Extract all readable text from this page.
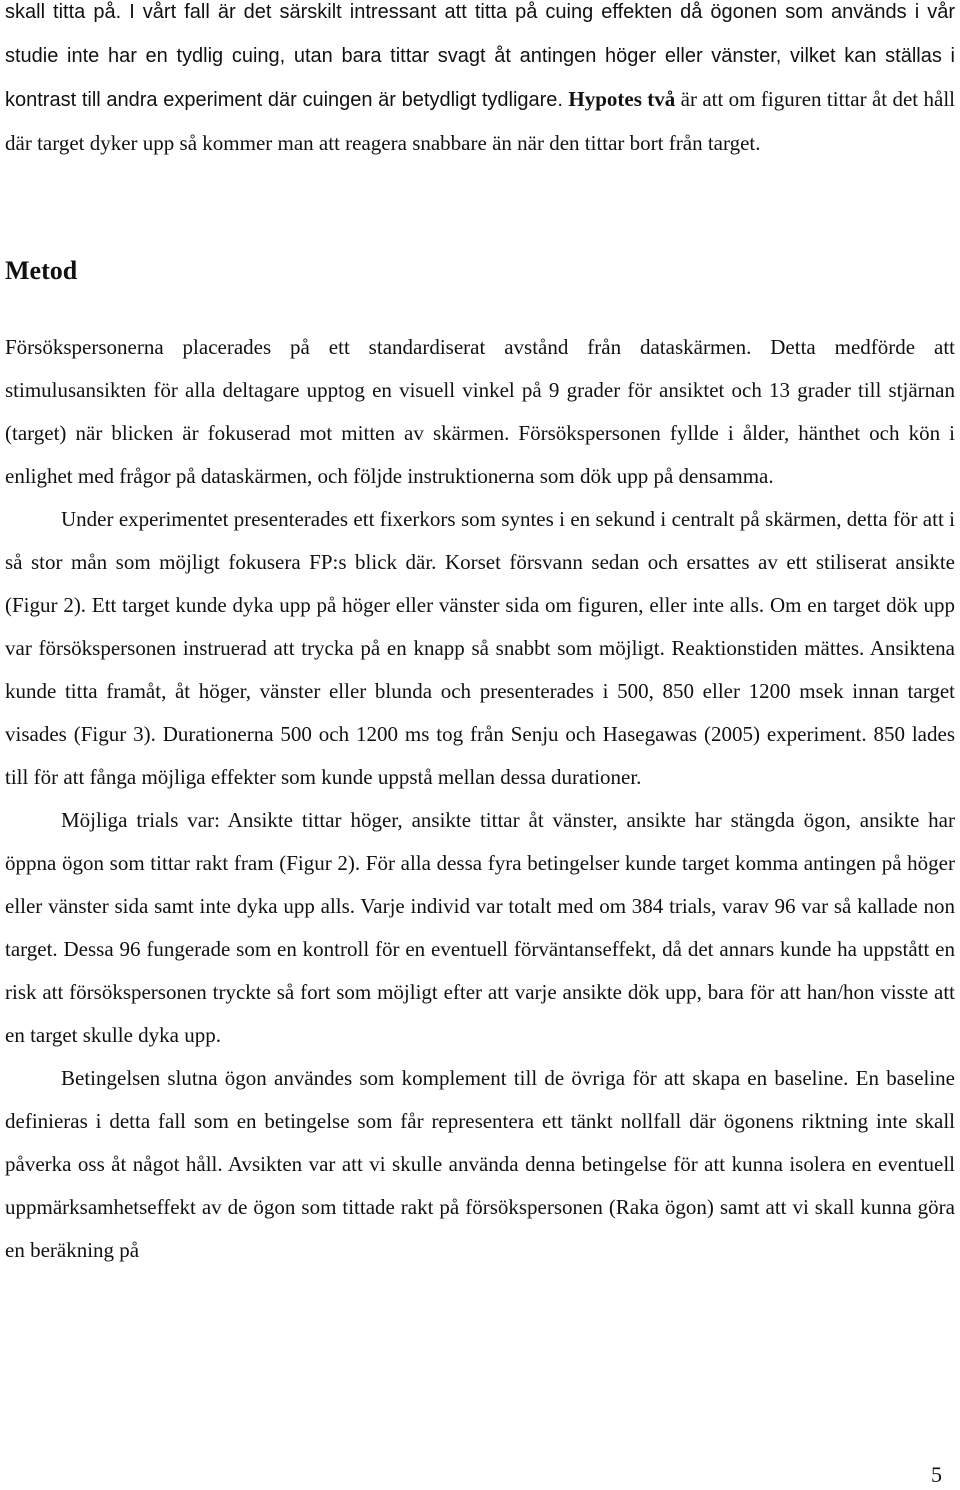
skall titta på. I vårt fall är det särskilt intressant att titta på cuing effekten då ögonen som används i vår studie inte har en tydlig cuing, utan bara tittar svagt åt antingen höger eller vänster, vilket kan ställas i kontrast till andra experiment där cuingen är betydligt tydligare. Hypotes två är att om figuren tittar åt det håll där target dyker upp så kommer man att reagera snabbare än när den tittar bort från target.

Metod

Försökspersonerna placerades på ett standardiserat avstånd från dataskärmen. Detta medförde att stimulusansikten för alla deltagare upptog en visuell vinkel på 9 grader för ansiktet och 13 grader till stjärnan (target) när blicken är fokuserad mot mitten av skärmen. Försökspersonen fyllde i ålder, hänthet och kön i enlighet med frågor på dataskärmen, och följde instruktionerna som dök upp på densamma.

Under experimentet presenterades ett fixerkors som syntes i en sekund i centralt på skärmen, detta för att i så stor mån som möjligt fokusera FP:s blick där. Korset försvann sedan och ersattes av ett stiliserat ansikte (Figur 2). Ett target kunde dyka upp på höger eller vänster sida om figuren, eller inte alls. Om en target dök upp var försökspersonen instruerad att trycka på en knapp så snabbt som möjligt. Reaktionstiden mättes. Ansiktena kunde titta framåt, åt höger, vänster eller blunda och presenterades i 500, 850 eller 1200 msek innan target visades (Figur 3). Durationerna 500 och 1200 ms tog från Senju och Hasegawas (2005) experiment. 850 lades till för att fånga möjliga effekter som kunde uppstå mellan dessa durationer.

Möjliga trials var: Ansikte tittar höger, ansikte tittar åt vänster, ansikte har stängda ögon, ansikte har öppna ögon som tittar rakt fram (Figur 2). För alla dessa fyra betingelser kunde target komma antingen på höger eller vänster sida samt inte dyka upp alls. Varje individ var totalt med om 384 trials, varav 96 var så kallade non target. Dessa 96 fungerade som en kontroll för en eventuell förväntanseffekt, då det annars kunde ha uppstått en risk att försökspersonen tryckte så fort som möjligt efter att varje ansikte dök upp, bara för att han/hon visste att en target skulle dyka upp.

Betingelsen slutna ögon användes som komplement till de övriga för att skapa en baseline. En baseline definieras i detta fall som en betingelse som får representera ett tänkt nollfall där ögonens riktning inte skall påverka oss åt något håll. Avsikten var att vi skulle använda denna betingelse för att kunna isolera en eventuell uppmärksamhetseffekt av de ögon som tittade rakt på försökspersonen (Raka ögon) samt att vi skall kunna göra en beräkning på

5
